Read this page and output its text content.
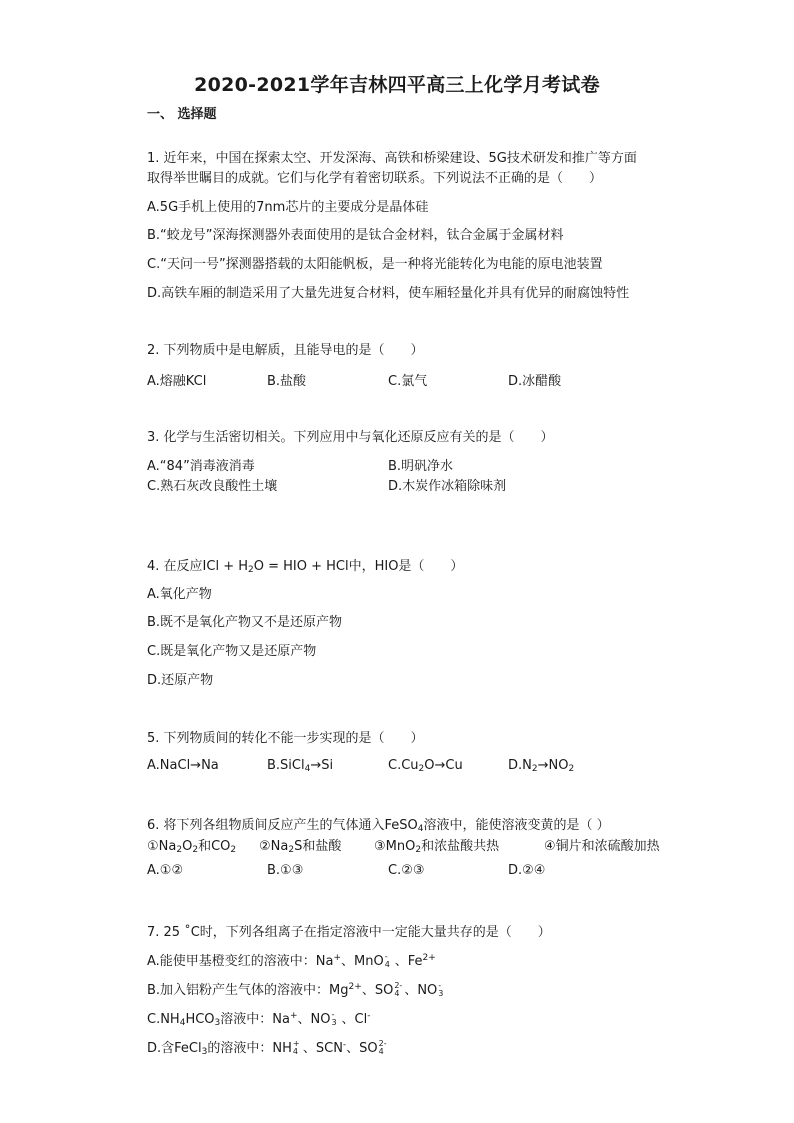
2020-2021学年吉林四平高三上化学月考试卷
一、 选择题
1. 近年来，中国在探索太空、开发深海、高铁和桥梁建设、5G技术研发和推广等方面
取得举世瞩目的成就。它们与化学有着密切联系。下列说法不正确的是（　　）
A.5G手机上使用的7nm芯片的主要成分是晶体硅
B.“蛟龙号”深海探测器外表面使用的是钛合金材料，钛合金属于金属材料
C.“天问一号”探测器搭载的太阳能帆板，是一种将光能转化为电能的原电池装置
D.高铁车厢的制造采用了大量先进复合材料，使车厢轻量化并具有优异的耐腐蚀特性
2. 下列物质中是电解质，且能导电的是（　　）
A.熔融KCl	B.盐酸	C.氯气	D.冰醋酸
3. 化学与生活密切相关。下列应用中与氧化还原反应有关的是（　　）
A.“84”消毒液消毒	B.明矾净水
C.熟石灰改良酸性土壤	D.木炭作冰箱除味剂
4. 在反应ICl + $H_2O$ = HIO + HCl中，HIO是（　　）
A.氧化产物
B.既不是氧化产物又不是还原产物
C.既是氧化产物又是还原产物
D.还原产物
5. 下列物质间的转化不能一步实现的是（　　）
A.NaCl→Na	B.SiCl$_4$→Si	$C.Cu_2O\to Cu$	$D.N_2\to NO_2$
6. 将下列各组物质间反应产生的气体通入FeSO$_4$溶液中，能使溶液变黄的是（ ）
$①Na_2O_2$和$CO_2$ $②Na_2S$和盐酸	③MnO$_2$和浓盐酸共热	④铜片和浓硫酸加热
A.①②	B.①③	C.②③	D.②④
7. 25 ˚C时，下列各组离子在指定溶液中一定能大量共存的是（　　）
A.能使甲基橙变红的溶液中：Na+、MnO -
4 、$Fe^{2+}$
B.加入铝粉产生气体的溶液中：$Mg^{2+}$、SO 2-
4 、NO -
3
$C.NH_4HCO_3$溶液中：Na+、NO -
3 、Cl-
D.含FeCl$_3$的溶液中：NH +
4 、SCN-、SO 2-
4
